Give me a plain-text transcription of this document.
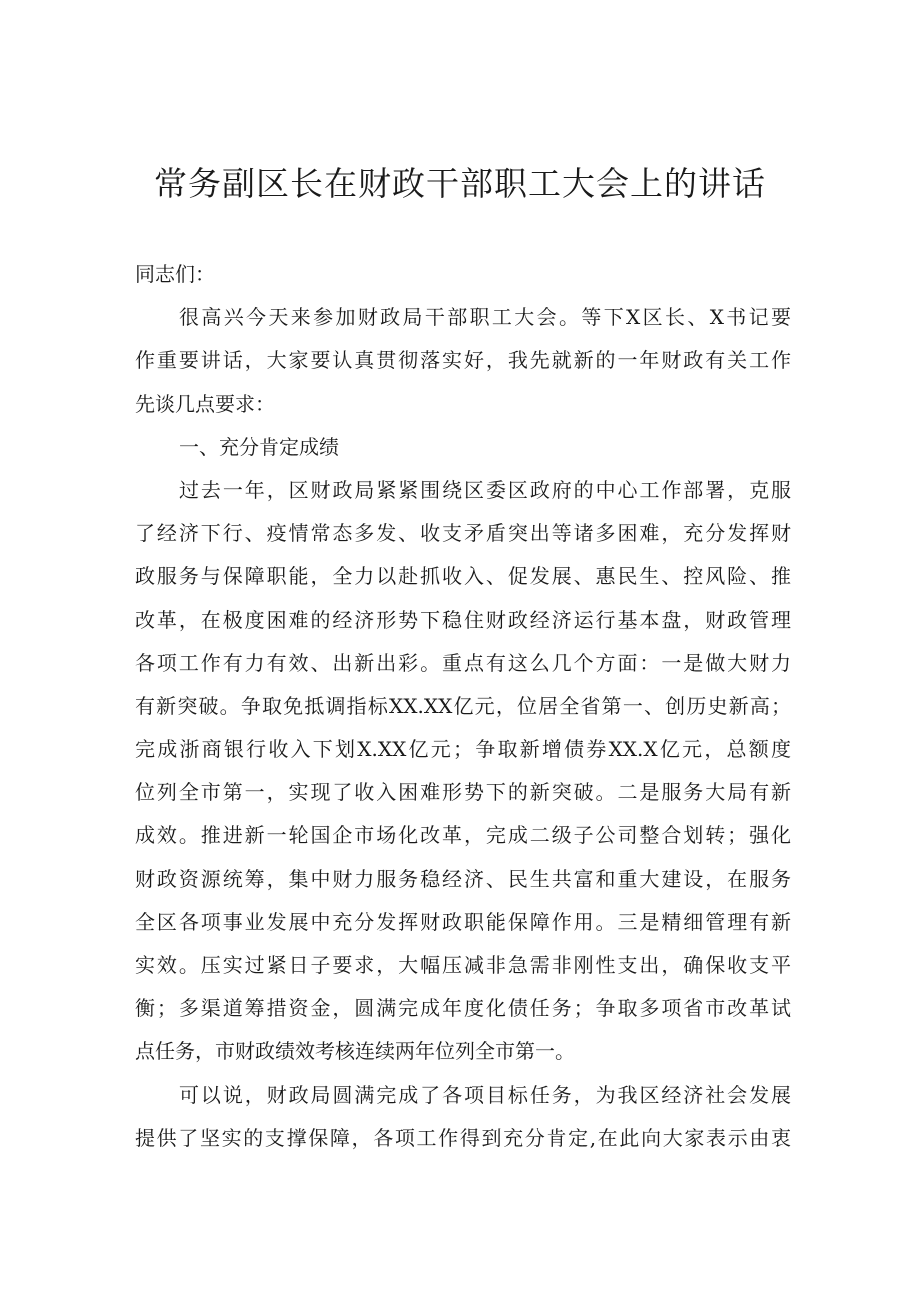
常务副区长在财政干部职工大会上的讲话
同志们：
很高兴今天来参加财政局干部职工大会。等下X区长、X书记要
作重要讲话，大家要认真贯彻落实好，我先就新的一年财政有关工作
先谈几点要求：
一、充分肯定成绩
过去一年，区财政局紧紧围绕区委区政府的中心工作部署，克服
了经济下行、疫情常态多发、收支矛盾突出等诸多困难，充分发挥财
政服务与保障职能，全力以赴抓收入、促发展、惠民生、控风险、推
改革，在极度困难的经济形势下稳住财政经济运行基本盘，财政管理
各项工作有力有效、出新出彩。重点有这么几个方面：一是做大财力
有新突破。争取免抵调指标XX.XX亿元，位居全省第一、创历史新高；
完成浙商银行收入下划X.XX亿元；争取新增债券XX.X亿元，总额度
位列全市第一，实现了收入困难形势下的新突破。二是服务大局有新
成效。推进新一轮国企市场化改革，完成二级子公司整合划转；强化
财政资源统筹，集中财力服务稳经济、民生共富和重大建设，在服务
全区各项事业发展中充分发挥财政职能保障作用。三是精细管理有新
实效。压实过紧日子要求，大幅压减非急需非刚性支出，确保收支平
衡；多渠道筹措资金，圆满完成年度化债任务；争取多项省市改革试
点任务，市财政绩效考核连续两年位列全市第一。
可以说，财政局圆满完成了各项目标任务，为我区经济社会发展
提供了坚实的支撑保障，各项工作得到充分肯定,在此向大家表示由衷
